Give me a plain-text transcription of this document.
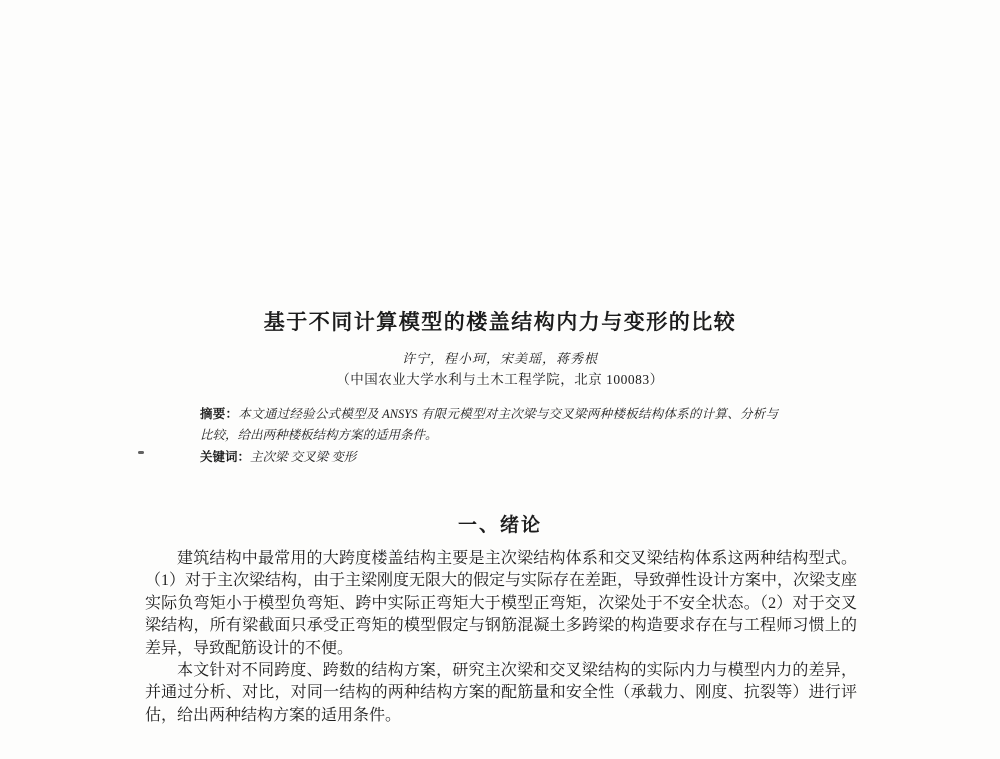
基于不同计算模型的楼盖结构内力与变形的比较
许宁，程小珂，宋美瑶，蒋秀根
（中国农业大学水利与土木工程学院，北京 100083）
摘要：本文通过经验公式模型及 ANSYS 有限元模型对主次梁与交叉梁两种楼板结构体系的计算、分析与比较，给出两种楼板结构方案的适用条件。
关键词：主次梁 交叉梁 变形
一、绪论

建筑结构中最常用的大跨度楼盖结构主要是主次梁结构体系和交叉梁结构体系这两种结构型式。（1）对于主次梁结构，由于主梁刚度无限大的假定与实际存在差距，导致弹性设计方案中，次梁支座实际负弯矩小于模型负弯矩、跨中实际正弯矩大于模型正弯矩，次梁处于不安全状态。（2）对于交叉梁结构，所有梁截面只承受正弯矩的模型假定与钢筋混凝土多跨梁的构造要求存在与工程师习惯上的差异，导致配筋设计的不便。

本文针对不同跨度、跨数的结构方案，研究主次梁和交叉梁结构的实际内力与模型内力的差异，并通过分析、对比，对同一结构的两种结构方案的配筋量和安全性（承载力、刚度、抗裂等）进行评估，给出两种结构方案的适用条件。
